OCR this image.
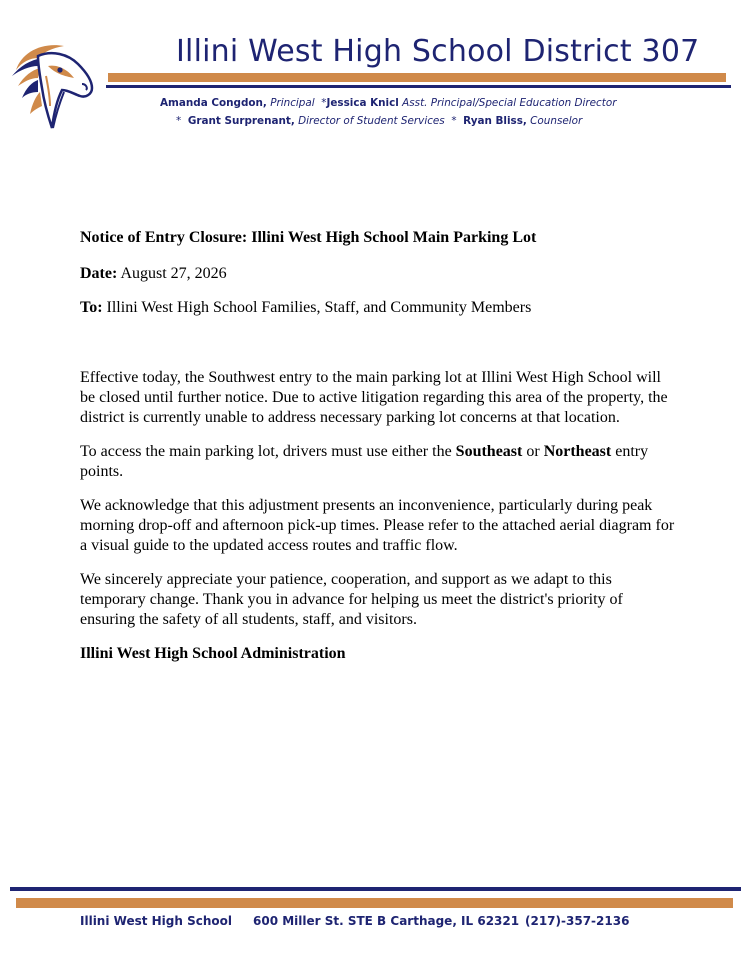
Illini West High School District 307
Amanda Congdon, Principal *Jessica Knicl Asst. Principal/Special Education Director
* Grant Surprenant, Director of Student Services * Ryan Bliss, Counselor

Notice of Entry Closure: Illini West High School Main Parking Lot

Date: August 27, 2026

To: Illini West High School Families, Staff, and Community Members

Effective today, the Southwest entry to the main parking lot at Illini West High School will be closed until further notice. Due to active litigation regarding this area of the property, the district is currently unable to address necessary parking lot concerns at that location.

To access the main parking lot, drivers must use either the Southeast or Northeast entry points.

We acknowledge that this adjustment presents an inconvenience, particularly during peak morning drop-off and afternoon pick-up times. Please refer to the attached aerial diagram for a visual guide to the updated access routes and traffic flow.

We sincerely appreciate your patience, cooperation, and support as we adapt to this temporary change. Thank you in advance for helping us meet the district's priority of ensuring the safety of all students, staff, and visitors.

Illini West High School Administration

Illini West High School 600 Miller St. STE B Carthage, IL 62321 (217)-357-2136
